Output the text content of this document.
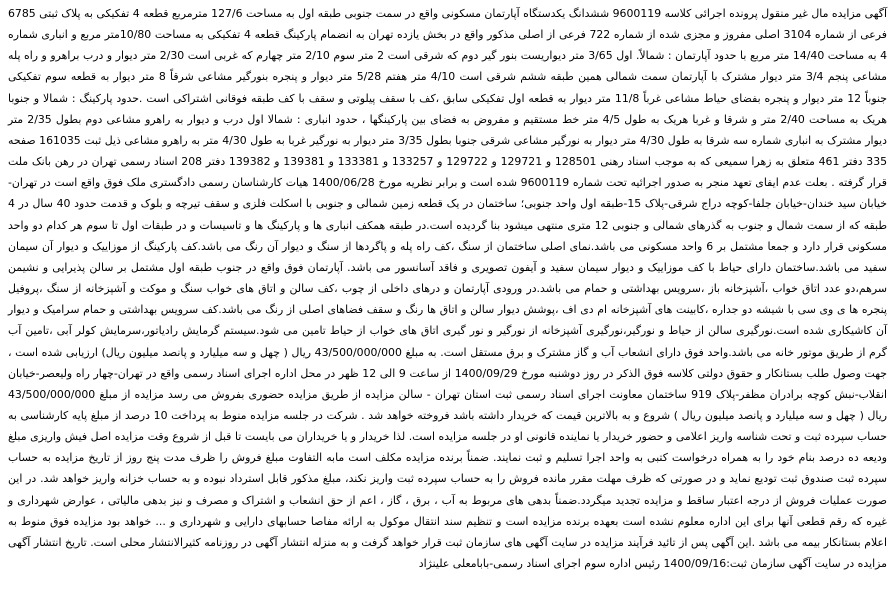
آگهی مزایده مال غیر منقول پرونده اجرائی کلاسه 9600119 ششدانگ یکدستگاه آپارتمان مسکونی واقع در سمت جنوبی طبقه اول به مساحت 127/6 مترمربع قطعه 4 تفکیکی به پلاک ثبتی 6785 فرعی از شماره 3104 اصلی مفروز و مجزی شده از شماره 722 فرعی از اصلی مذکور واقع در بخش یازده تهران به انضمام پارکینگ قطعه 4 تفکیکی به مساحت 10/80متر مربع و انباری شماره 4 به مساحت 14/40 متر مربع با حدود آپارتمان : شمالاً. اول 3/65 متر دیواریست بنور گیر دوم که شرقی است 2 متر سوم 2/10 متر چهارم که غربی است 2/30 متر دیوار و درب براهرو و راه پله مشاعی پنجم 3/4 متر دیوار مشترک با آپارتمان سمت شمالی همین طبقه ششم شرقی است 4/10 متر هفتم 5/28 متر دیوار و پنجره بنورگیر مشاعی شرقاً 8 متر دیوار به قطعه سوم تفکیکی جنوباً 12 متر دیوار و پنجره بفضای حیاط مشاعی غرباً 11/8 متر دیوار به قطعه اول تفکیکی سابق ،کف با سقف پیلوتی و سقف با کف طبقه فوقانی اشتراکی است .حدود پارکینگ : شمالا و جنوبا هریک به مساحت 2/40 متر و شرقا و غربا هریک به طول 4/5 متر خط مستقیم و مفروض به فضای بین پارکینگها ، حدود انباری : شمالا اول درب و دیوار به راهرو مشاعی دوم بطول 2/35 متر دیوار مشترک به انباری شماره سه شرقا به طول 4/30 متر دیوار به نورگیر مشاعی شرقی جنوبا بطول 3/35 متر دیوار به نورگیر غربا به طول 4/30 متر به راهرو مشاعی ذیل ثبت 161035 صفحه 335 دفتر 461 متعلق به زهرا سمیعی که به موجب اسناد رهنی 128501 و 129721 و 129722 و 133257 و 133381 و 139381 و 139382 دفتر 208 اسناد رسمی تهران در رهن بانک ملت قرار گرفته . بعلت عدم ایفای تعهد منجر به صدور اجرائیه تحت شماره 9600119 شده است و برابر نظریه مورخ 1400/06/28 هیات کارشناسان رسمی دادگستری ملک فوق واقع است در تهران-خیابان سید خندان-خیابان جلفا-کوچه دراج شرقی-پلاک 15-طبقه اول واحد جنوبی؛ ساختمان در یک قطعه زمین شمالی و جنوبی با اسکلت فلزی و سقف تیرچه و بلوک و قدمت حدود 40 سال در 4 طبقه که از سمت شمال و جنوب به گذرهای شمالی و جنوبی 12 متری منتهی میشود بنا گردیده است.در طبقه همکف انباری ها و پارکینگ ها و تاسیسات و در طبقات اول تا سوم هر کدام دو واحد مسکونی قرار دارد و جمعا مشتمل بر 6 واحد مسکونی می باشد.نمای اصلی ساختمان از سنگ ،کف راه پله و پاگردها از سنگ و دیوار آن رنگ می باشد.کف پارکینگ از موزاییک و دیوار آن سیمان سفید می باشد.ساختمان دارای حیاط با کف موزاییک و دیوار سیمان سفید و آیفون تصویری و فاقد آسانسور می باشد. آپارتمان فوق واقع در جنوب طبقه اول مشتمل بر سالن پذیرایی و نشیمن سرهم،دو عدد اتاق خواب ،آشپزخانه باز ،سرویس بهداشتی و حمام می باشد.در ورودی آپارتمان و درهای داخلی از چوب ،کف سالن و اتاق های خواب سنگ و موکت و آشپزخانه از سنگ ،پروفیل پنجره ها ی وی سی با شیشه دو جداره ،کابینت های آشپزخانه ام دی اف ،پوشش دیوار سالن و اتاق ها رنگ و سقف فضاهای اصلی از رنگ می باشد.کف سرویس بهداشتی و حمام سرامیک و دیوار آن کاشیکاری شده است.نورگیری سالن از حیاط و نورگیر،نورگیری آشپزخانه از نورگیر و نور گیری اتاق های خواب از حیاط تامین می شود.سیستم گرمایش رادیاتور،سرمایش کولر آبی ،تامین آب گرم از طریق موتور خانه می باشد.واحد فوق دارای انشعاب آب و گاز مشترک و برق مستقل است. به مبلغ 43/500/000/000 ریال ( چهل و سه میلیارد و پانصد میلیون ریال) ارزیابی شده است ، جهت وصول طلب بستانکار و حقوق دولتی کلاسه فوق الذکر در روز دوشنبه مورخ 1400/09/29 از ساعت 9 الی 12 ظهر در محل اداره اجرای اسناد رسمی واقع در تهران-چهار راه ولیعصر-خیابان انقلاب-نبش کوچه برادران مظفر-پلاک 919 ساختمان معاونت اجرای اسناد رسمی ثبت استان تهران - سالن مزایده از طریق مزایده حضوری بفروش می رسد مزایده از مبلغ 43/500/000/000 ریال ( چهل و سه میلیارد و پانصد میلیون ریال ) شروع و به بالاترین قیمت که خریدار داشته باشد فروخته خواهد شد . شرکت در جلسه مزایده منوط به پرداخت 10 درصد از مبلغ پایه کارشناسی به حساب سپرده ثبت و تحت شناسه واریز اعلامی و حضور خریدار یا نماینده قانونی او در جلسه مزایده است. لذا خریدار و یا خریداران می بایست تا قبل از شروع وقت مزایده اصل فیش واریزی مبلغ ودیعه ده درصد بنام خود را به همراه درخواست کتبی به واحد اجرا تسلیم و ثبت نمایند. ضمناً برنده مزایده مکلف است مابه التفاوت مبلغ فروش را ظرف مدت پنج روز از تاریخ مزایده به حساب سپرده ثبت صندوق ثبت تودیع نماید و در صورتی که ظرف مهلت مقرر مانده فروش را به حساب سپرده ثبت واریز نکند، مبلغ مذکور قابل استرداد نبوده و به حساب خزانه واریز خواهد شد. در این صورت عملیات فروش از درجه اعتبار ساقط و مزایده تجدید میگردد.ضمناً بدهی های مربوط به آب ، برق ، گاز ، اعم از حق انشعاب و اشتراک و مصرف و نیز بدهی مالیاتی ، عوارض شهرداری و غیره که رقم قطعی آنها برای این اداره معلوم نشده است بعهده برنده مزایده است و تنظیم سند انتقال موکول به ارائه مفاصا حسابهای دارایی و شهرداری و ... خواهد بود مزایده فوق منوط به اعلام بستانکار بیمه می باشد .این آگهی پس از تائید فرآیند مزایده در سایت آگهی های سازمان ثبت قرار خواهد گرفت و به منزله انتشار آگهی در روزنامه کثیرالانتشار محلی است. تاریخ انتشار آگهی مزایده در سایت آگهی سازمان ثبت:1400/09/16 رئیس اداره سوم اجرای اسناد رسمی-بابامعلی علینژاد
